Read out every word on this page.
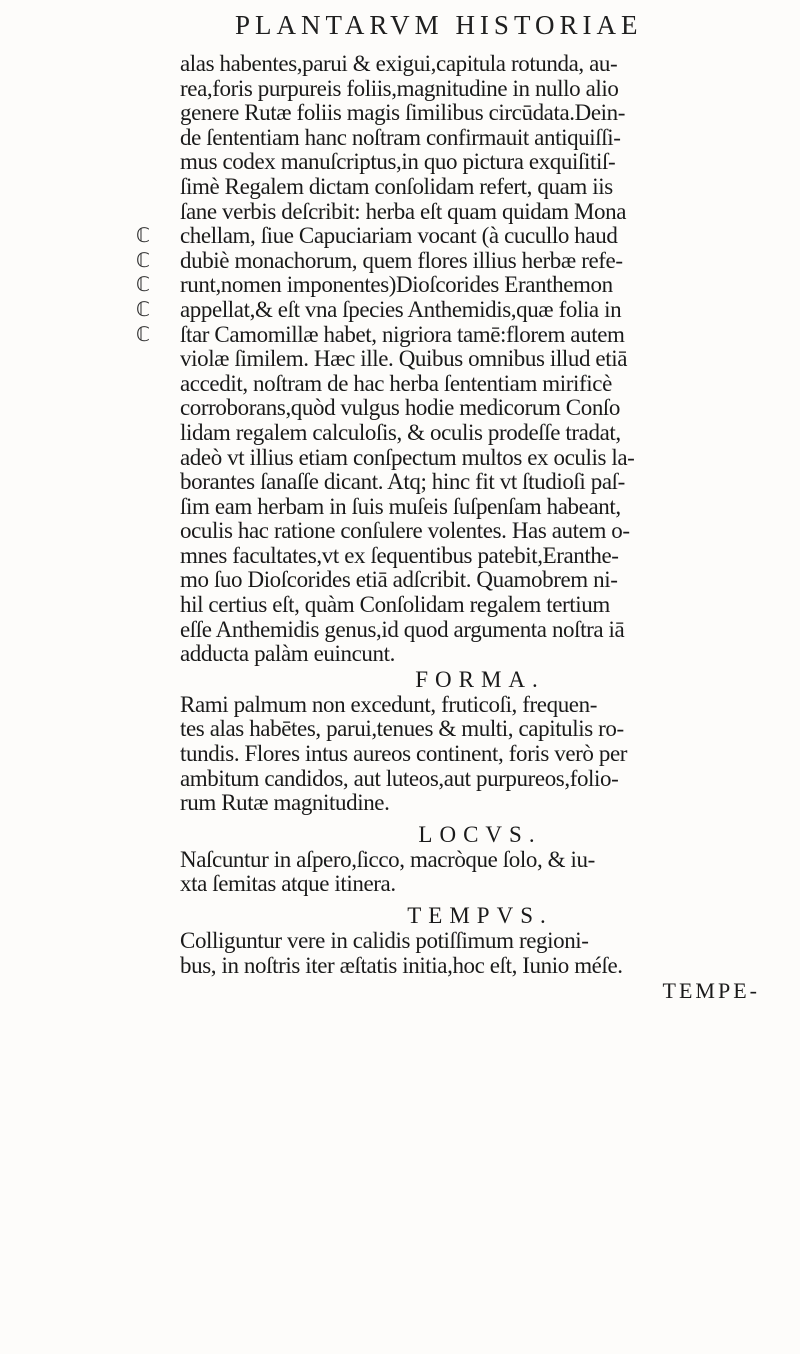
PLANTARVM HISTORIAE
alas habentes,parui & exigui,capitula rotunda, au-
rea,foris purpureis foliis,magnitudine in nullo alio
genere Rutæ foliis magis ſimilibus circūdata.Dein-
de ſententiam hanc noſtram confirmauit antiquiſſi-
mus codex manuſcriptus,in quo pictura exquiſitiſ-
ſimè Regalem dictam conſolidam refert, quam iis
ſane verbis deſcribit: herba eſt quam quidam Mona
ℂ chellam, ſiue Capuciariam vocant (à cucullo haud
ℂ dubiè monachorum, quem flores illius herbæ refe-
ℂ runt,nomen imponentes)Dioſcorides Eranthemon
ℂ appellat,& eſt vna ſpecies Anthemidis,quæ folia in
ℂ ſtar Camomillæ habet, nigriora tamē:florem autem
violæ ſimilem. Hæc ille. Quibus omnibus illud etiā
accedit, noſtram de hac herba ſententiam mirificè
corroborans,quòd vulgus hodie medicorum Conſo
lidam regalem calculoſis, & oculis prodeſſe tradat,
adeò vt illius etiam conſpectum multos ex oculis la-
borantes ſanaſſe dicant. Atq; hinc fit vt ſtudioſi paſ-
ſim eam herbam in ſuis muſeis ſuſpenſam habeant,
oculis hac ratione conſulere volentes. Has autem o-
mnes facultates,vt ex ſequentibus patebit,Eranthe-
mo ſuo Dioſcorides etiā adſcribit. Quamobrem ni-
hil certius eſt, quàm Conſolidam regalem tertium
eſſe Anthemidis genus,id quod argumenta noſtra iā
adducta palàm euincunt.
FORMA.
Rami palmum non excedunt, fruticoſi, frequen-
tes alas habētes, parui,tenues & multi, capitulis ro-
tundis. Flores intus aureos continent, foris verò per
ambitum candidos, aut luteos,aut purpureos,folio-
rum Rutæ magnitudine.
LOCVS.
Naſcuntur in aſpero,ſicco, macròque ſolo, & iu-
xta ſemitas atque itinera.
TEMPVS.
Colliguntur vere in calidis potiſſimum regioni-
bus, in noſtris iter æſtatis initia,hoc eſt, Iunio méſe.
TEMPE-
